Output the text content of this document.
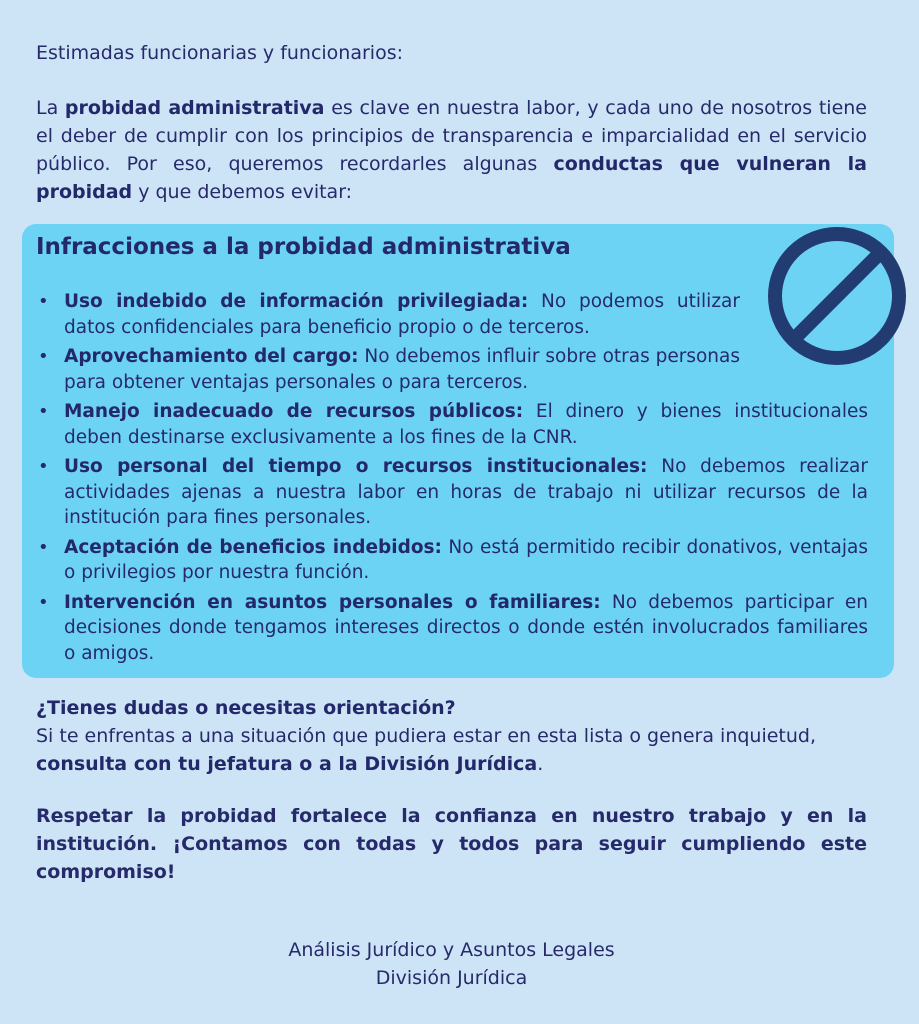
Estimadas funcionarias y funcionarios:

La probidad administrativa es clave en nuestra labor, y cada uno de nosotros tiene el deber de cumplir con los principios de transparencia e imparcialidad en el servicio público. Por eso, queremos recordarles algunas conductas que vulneran la probidad y que debemos evitar:

Infracciones a la probidad administrativa
• Uso indebido de información privilegiada: No podemos utilizar datos confidenciales para beneficio propio o de terceros.
• Aprovechamiento del cargo: No debemos influir sobre otras personas para obtener ventajas personales o para terceros.
• Manejo inadecuado de recursos públicos: El dinero y bienes institucionales deben destinarse exclusivamente a los fines de la CNR.
• Uso personal del tiempo o recursos institucionales: No debemos realizar actividades ajenas a nuestra labor en horas de trabajo ni utilizar recursos de la institución para fines personales.
• Aceptación de beneficios indebidos: No está permitido recibir donativos, ventajas o privilegios por nuestra función.
• Intervención en asuntos personales o familiares: No debemos participar en decisiones donde tengamos intereses directos o donde estén involucrados familiares o amigos.
¿Tienes dudas o necesitas orientación?
Si te enfrentas a una situación que pudiera estar en esta lista o genera inquietud, consulta con tu jefatura o a la División Jurídica.

Respetar la probidad fortalece la confianza en nuestro trabajo y en la institución. ¡Contamos con todas y todos para seguir cumpliendo este compromiso!

Análisis Jurídico y Asuntos Legales
División Jurídica
